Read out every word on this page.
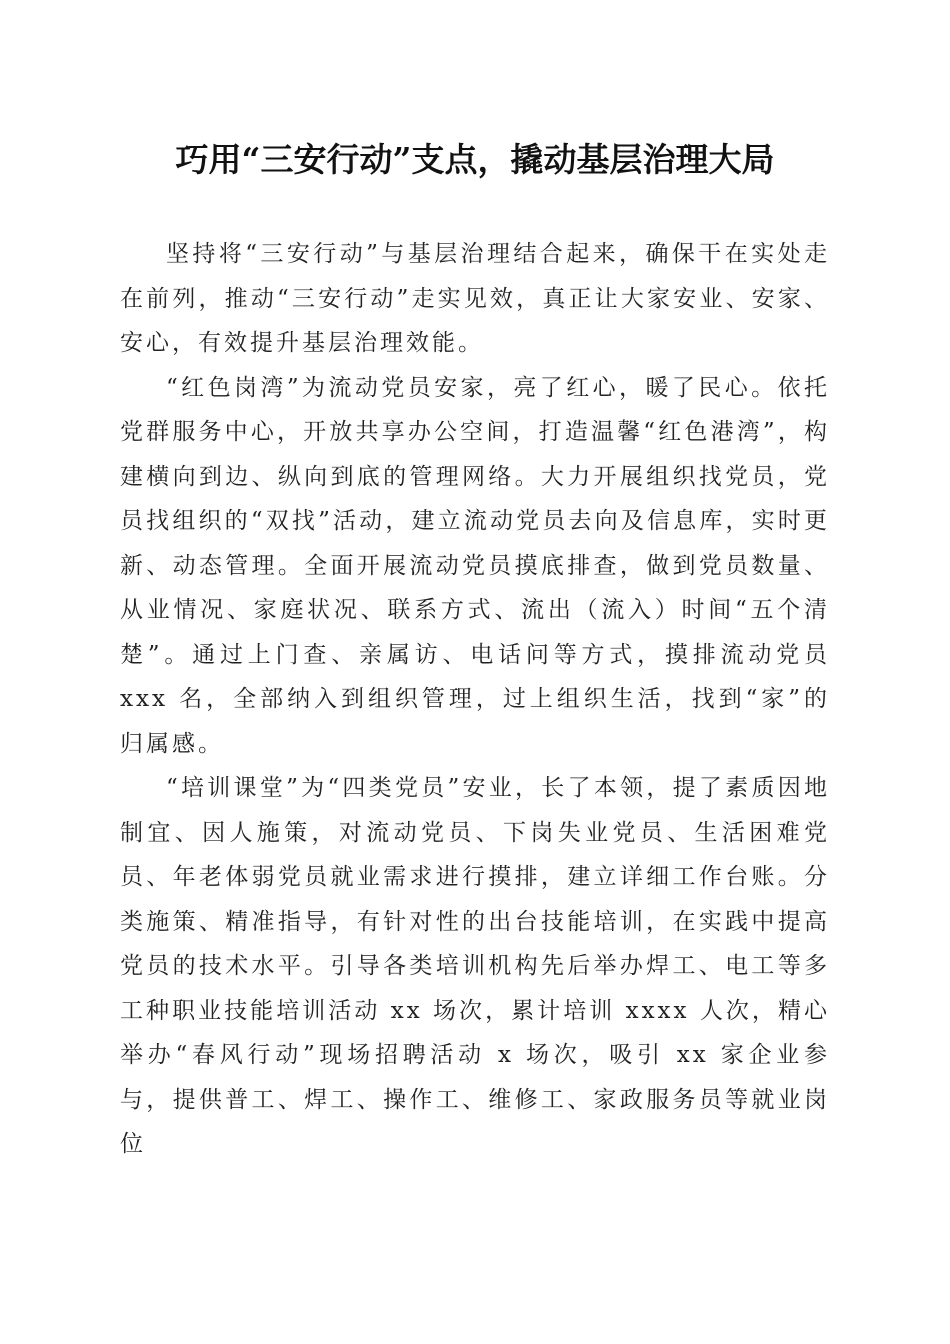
巧用“三安行动”支点，撬动基层治理大局

坚持将“三安行动”与基层治理结合起来，确保干在实处走在前列，推动“三安行动”走实见效，真正让大家安业、安家、安心，有效提升基层治理效能。

“红色岗湾”为流动党员安家，亮了红心，暖了民心。依托党群服务中心，开放共享办公空间，打造温馨“红色港湾”，构建横向到边、纵向到底的管理网络。大力开展组织找党员，党员找组织的“双找”活动，建立流动党员去向及信息库，实时更新、动态管理。全面开展流动党员摸底排查，做到党员数量、从业情况、家庭状况、联系方式、流出（流入）时间“五个清楚”。通过上门查、亲属访、电话问等方式，摸排流动党员 xxx 名，全部纳入到组织管理，过上组织生活，找到“家”的归属感。

“培训课堂”为“四类党员”安业，长了本领，提了素质因地制宜、因人施策，对流动党员、下岗失业党员、生活困难党员、年老体弱党员就业需求进行摸排，建立详细工作台账。分类施策、精准指导，有针对性的出台技能培训，在实践中提高党员的技术水平。引导各类培训机构先后举办焊工、电工等多工种职业技能培训活动 xx 场次，累计培训 xxxx 人次，精心举办“春风行动”现场招聘活动 x 场次，吸引 xx 家企业参与，提供普工、焊工、操作工、维修工、家政服务员等就业岗位
